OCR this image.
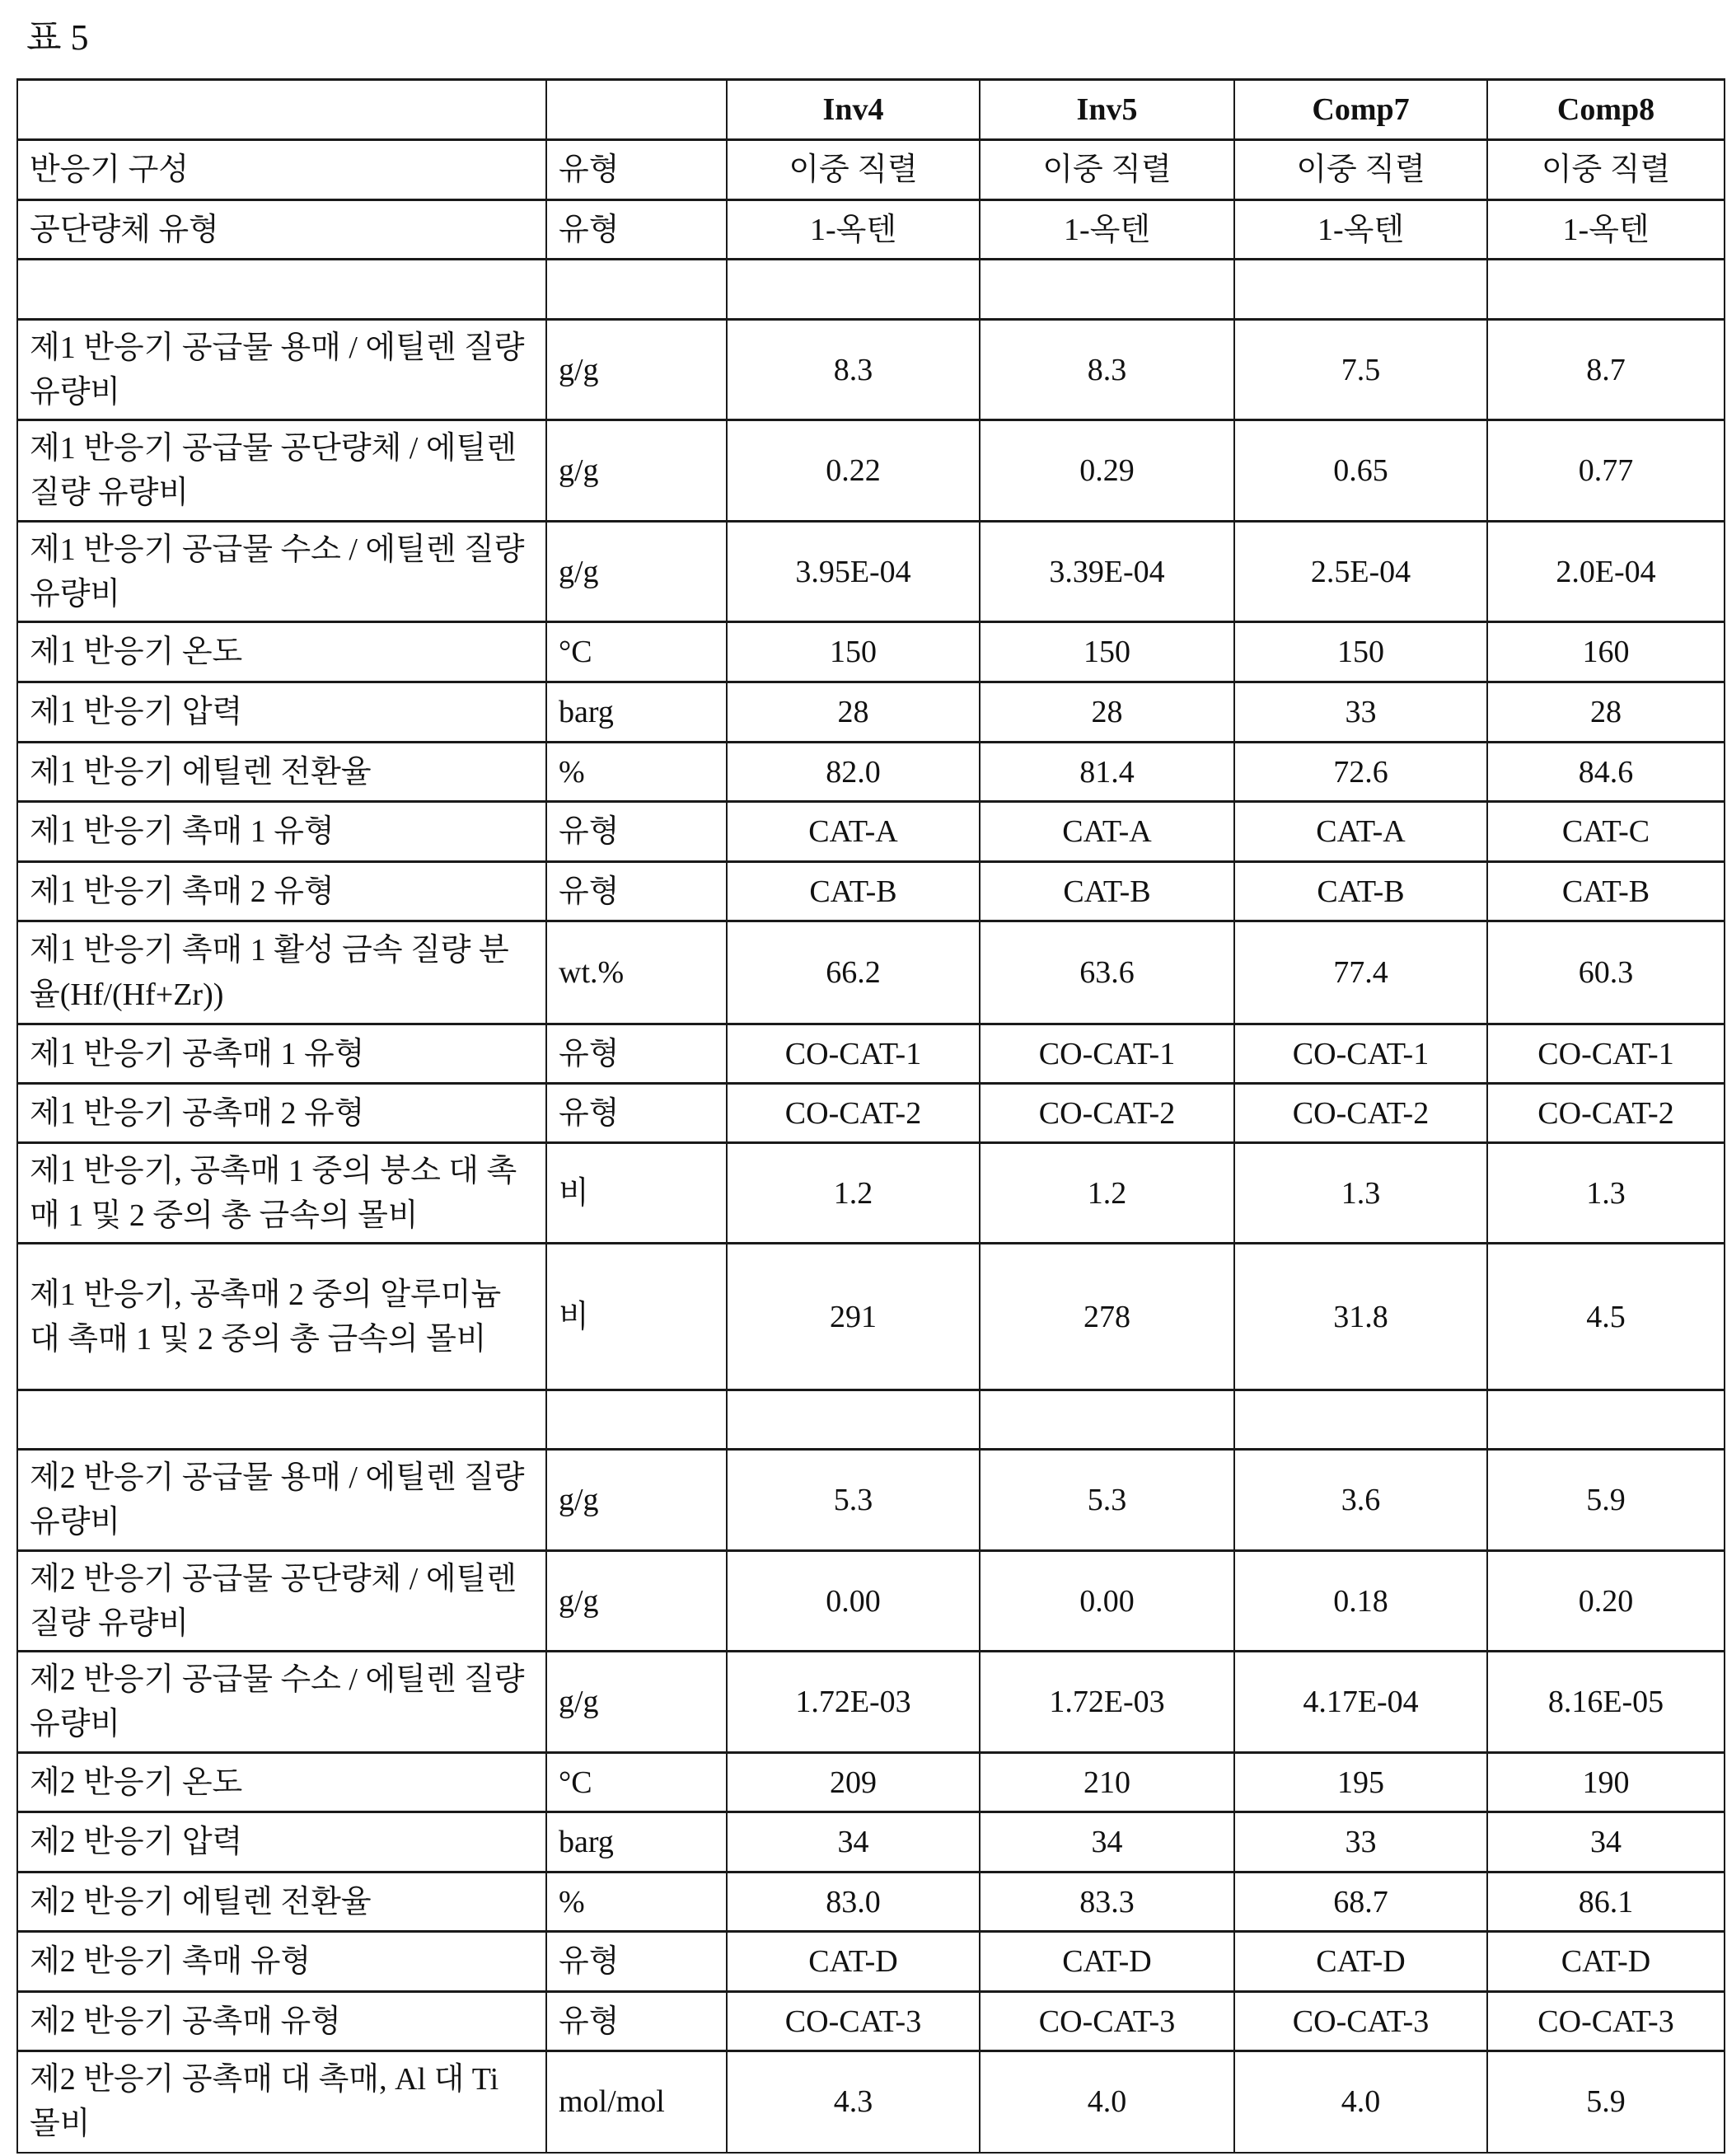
표 5
		Inv4	Inv5	Comp7	Comp8
반응기 구성	유형	이중 직렬	이중 직렬	이중 직렬	이중 직렬
공단량체 유형	유형	1-옥텐	1-옥텐	1-옥텐	1-옥텐

제1 반응기 공급물 용매 / 에틸렌 질량 유량비	g/g	8.3	8.3	7.5	8.7
제1 반응기 공급물 공단량체 / 에틸렌 질량 유량비	g/g	0.22	0.29	0.65	0.77
제1 반응기 공급물 수소 / 에틸렌 질량 유량비	g/g	3.95E-04	3.39E-04	2.5E-04	2.0E-04
제1 반응기 온도	°C	150	150	150	160
제1 반응기 압력	barg	28	28	33	28
제1 반응기 에틸렌 전환율	%	82.0	81.4	72.6	84.6
제1 반응기 촉매 1 유형	유형	CAT-A	CAT-A	CAT-A	CAT-C
제1 반응기 촉매 2 유형	유형	CAT-B	CAT-B	CAT-B	CAT-B
제1 반응기 촉매 1 활성 금속 질량 분율(Hf/(Hf+Zr))	wt.%	66.2	63.6	77.4	60.3
제1 반응기 공촉매 1 유형	유형	CO-CAT-1	CO-CAT-1	CO-CAT-1	CO-CAT-1
제1 반응기 공촉매 2 유형	유형	CO-CAT-2	CO-CAT-2	CO-CAT-2	CO-CAT-2
제1 반응기, 공촉매 1 중의 붕소 대 촉매 1 및 2 중의 총 금속의 몰비	비	1.2	1.2	1.3	1.3
제1 반응기, 공촉매 2 중의 알루미늄 대 촉매 1 및 2 중의 총 금속의 몰비	비	291	278	31.8	4.5

제2 반응기 공급물 용매 / 에틸렌 질량 유량비	g/g	5.3	5.3	3.6	5.9
제2 반응기 공급물 공단량체 / 에틸렌 질량 유량비	g/g	0.00	0.00	0.18	0.20
제2 반응기 공급물 수소 / 에틸렌 질량 유량비	g/g	1.72E-03	1.72E-03	4.17E-04	8.16E-05
제2 반응기 온도	°C	209	210	195	190
제2 반응기 압력	barg	34	34	33	34
제2 반응기 에틸렌 전환율	%	83.0	83.3	68.7	86.1
제2 반응기 촉매 유형	유형	CAT-D	CAT-D	CAT-D	CAT-D
제2 반응기 공촉매 유형	유형	CO-CAT-3	CO-CAT-3	CO-CAT-3	CO-CAT-3
제2 반응기 공촉매 대 촉매, Al 대 Ti 몰비	mol/mol	4.3	4.0	4.0	5.9
